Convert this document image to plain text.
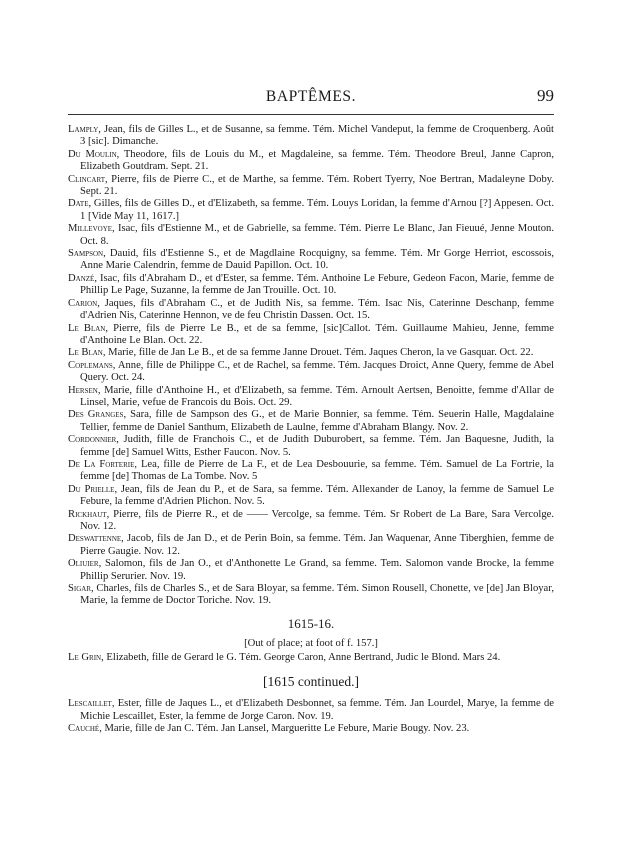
BAPTÊMES.	99

Lamply, Jean, fils de Gilles L., et de Susanne, sa femme. Tém. Michel Vandeput, la femme de Croquenberg. Août 3 [sic]. Dimanche.

Du Moulin, Theodore, fils de Louis du M., et Magdaleine, sa femme. Tém. Theodore Breul, Janne Capron, Elizabeth Goutdram. Sept. 21.

Clincart, Pierre, fils de Pierre C., et de Marthe, sa femme. Tém. Robert Tyerry, Noe Bertran, Madaleyne Doby. Sept. 21.

Date, Gilles, fils de Gilles D., et d'Elizabeth, sa femme. Tém. Louys Loridan, la femme d'Arnou [?] Appesen. Oct. 1 [Vide May 11, 1617.]

Millevoye, Isac, fils d'Estienne M., et de Gabrielle, sa femme. Tém. Pierre Le Blanc, Jan Fieuué, Jenne Mouton. Oct. 8.

Sampson, Dauid, fils d'Estienne S., et de Magdlaine Rocquigny, sa femme. Tém. Mr Gorge Herriot, escossois, Anne Marie Calendrin, femme de Dauid Papillon. Oct. 10.

Danzé, Isac, fils d'Abraham D., et d'Ester, sa femme. Tém. Anthoine Le Febure, Gedeon Facon, Marie, femme de Phillip Le Page, Suzanne, la femme de Jan Trouille. Oct. 10.

Carion, Jaques, fils d'Abraham C., et de Judith Nis, sa femme. Tém. Isac Nis, Caterinne Deschanp, femme d'Adrien Nis, Caterinne Hennon, ve de feu Christin Dassen. Oct. 15.

Le Blan, Pierre, fils de Pierre Le B., et de sa femme, [sic]Callot. Tém. Guillaume Mahieu, Jenne, femme d'Anthoine Le Blan. Oct. 22.

Le Blan, Marie, fille de Jan Le B., et de sa femme Janne Drouet. Tém. Jaques Cheron, la ve Gasquar. Oct. 22.

Coplemans, Anne, fille de Philippe C., et de Rachel, sa femme. Tém. Jacques Droict, Anne Query, femme de Abel Query. Oct. 24.

Hersen, Marie, fille d'Anthoine H., et d'Elizabeth, sa femme. Tém. Arnoult Aertsen, Benoitte, femme d'Allar de Linsel, Marie, vefue de Francois du Bois. Oct. 29.

Des Granges, Sara, fille de Sampson des G., et de Marie Bonnier, sa femme. Tém. Seuerin Halle, Magdalaine Tellier, femme de Daniel Santhum, Elizabeth de Laulne, femme d'Abraham Blangy. Nov. 2.

Cordonnier, Judith, fille de Franchois C., et de Judith Duburobert, sa femme. Tém. Jan Baquesne, Judith, la femme [de] Samuel Witts, Esther Faucon. Nov. 5.

De La Forterie, Lea, fille de Pierre de La F., et de Lea Desbouurie, sa femme. Tém. Samuel de La Fortrie, la femme [de] Thomas de La Tombe. Nov. 5

Du Prielle, Jean, fils de Jean du P., et de Sara, sa femme. Tém. Allexander de Lanoy, la femme de Samuel Le Febure, la femme d'Adrien Plichon. Nov. 5.

Rickhaut, Pierre, fils de Pierre R., et de —— Vercolge, sa femme. Tém. Sr Robert de La Bare, Sara Vercolge. Nov. 12.

Deswattenne, Jacob, fils de Jan D., et de Perin Boin, sa femme. Tém. Jan Waquenar, Anne Tiberghien, femme de Pierre Gaugie. Nov. 12.

Oliuier, Salomon, fils de Jan O., et d'Anthonette Le Grand, sa femme. Tem. Salomon vande Brocke, la femme Phillip Serurier. Nov. 19.

Sigar, Charles, fils de Charles S., et de Sara Bloyar, sa femme. Tém. Simon Rousell, Chonette, ve [de] Jan Bloyar, Marie, la femme de Doctor Toriche. Nov. 19.

1615-16.
[Out of place; at foot of f. 157.]

Le Grin, Elizabeth, fille de Gerard le G. Tém. George Caron, Anne Bertrand, Judic le Blond. Mars 24.

[1615 continued.]

Lescaillet, Ester, fille de Jaques L., et d'Elizabeth Desbonnet, sa femme. Tém. Jan Lourdel, Marye, la femme de Michie Lescaillet, Ester, la femme de Jorge Caron. Nov. 19.

Cauché, Marie, fille de Jan C. Tém. Jan Lansel, Margueritte Le Febure, Marie Bougy. Nov. 23.
